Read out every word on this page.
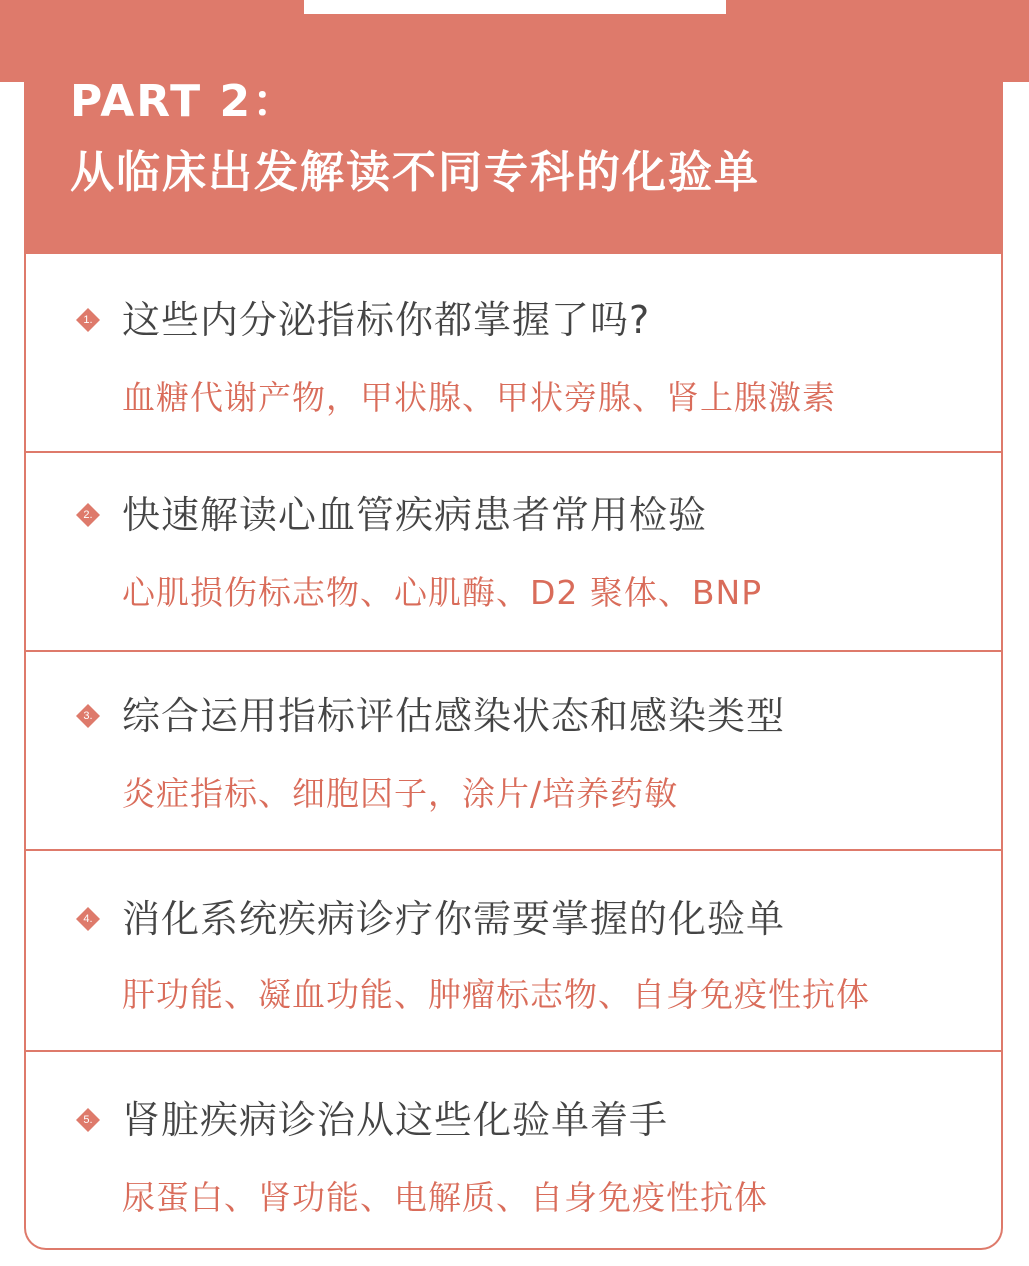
PART 2：
从临床出发解读不同专科的化验单
1. 这些内分泌指标你都掌握了吗?
血糖代谢产物，甲状腺、甲状旁腺、肾上腺激素
2. 快速解读心血管疾病患者常用检验
心肌损伤标志物、心肌酶、D2 聚体、BNP
3. 综合运用指标评估感染状态和感染类型
炎症指标、细胞因子，涂片/培养药敏
4. 消化系统疾病诊疗你需要掌握的化验单
肝功能、凝血功能、肿瘤标志物、自身免疫性抗体
5. 肾脏疾病诊治从这些化验单着手
尿蛋白、肾功能、电解质、自身免疫性抗体
